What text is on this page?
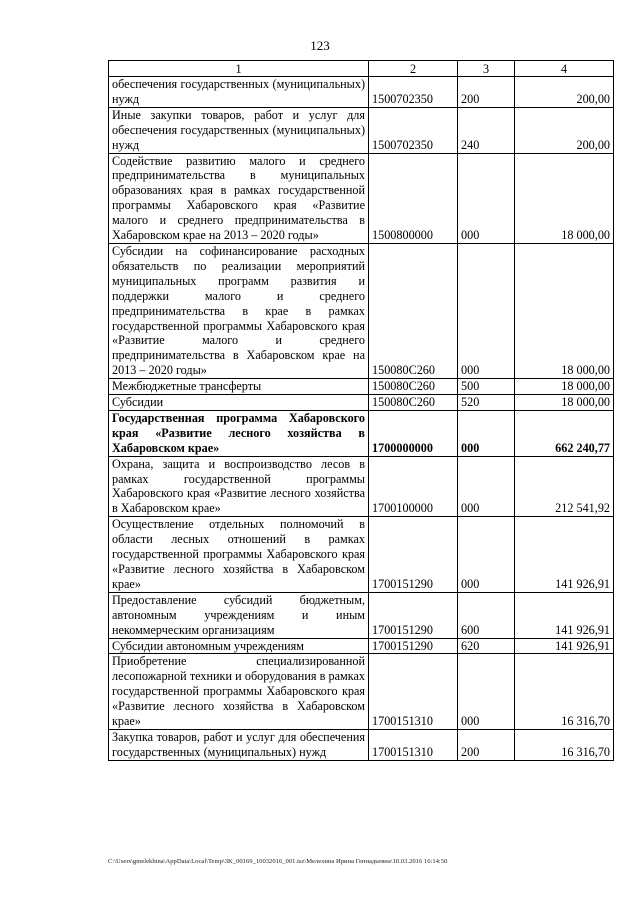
123
1	2	3	4
обеспечения государственных (муниципальных) нужд	1500702350	200	200,00
Иные закупки товаров, работ и услуг для обеспечения государственных (муниципальных) нужд	1500702350	240	200,00
Содействие развитию малого и среднего предпринимательства в муниципальных образованиях края в рамках государственной программы Хабаровского края «Развитие малого и среднего предпринимательства в Хабаровском крае на 2013 – 2020 годы»	1500800000	000	18 000,00
Субсидии на софинансирование расходных обязательств по реализации мероприятий муниципальных программ развития и поддержки малого и среднего предпринимательства в крае в рамках государственной программы Хабаровского края «Развитие малого и среднего предпринимательства в Хабаровском крае на 2013 – 2020 годы»	150080С260	000	18 000,00
Межбюджетные трансферты	150080С260	500	18 000,00
Субсидии	150080С260	520	18 000,00
Государственная программа Хабаровского края «Развитие лесного хозяйства в Хабаровском крае»	1700000000	000	662 240,77
Охрана, защита и воспроизводство лесов в рамках государственной программы Хабаровского края «Развитие лесного хозяйства в Хабаровском крае»	1700100000	000	212 541,92
Осуществление отдельных полномочий в области лесных отношений в рамках государственной программы Хабаровского края «Развитие лесного хозяйства в Хабаровском крае»	1700151290	000	141 926,91
Предоставление субсидий бюджетным, автономным учреждениям и иным некоммерческим организациям	1700151290	600	141 926,91
Субсидии автономным учреждениям	1700151290	620	141 926,91
Приобретение специализированной лесопожарной техники и оборудования в рамках государственной программы Хабаровского края «Развитие лесного хозяйства в Хабаровском крае»	1700151310	000	16 316,70
Закупка товаров, работ и услуг для обеспечения государственных (муниципальных) нужд	1700151310	200	16 316,70
C:\Users\gmelekhina\AppData\Local\Temp\3K_00169_10032016_001.tsz\Мелехина Ирина Геннадьевна\10.03.2016 16:14:50
